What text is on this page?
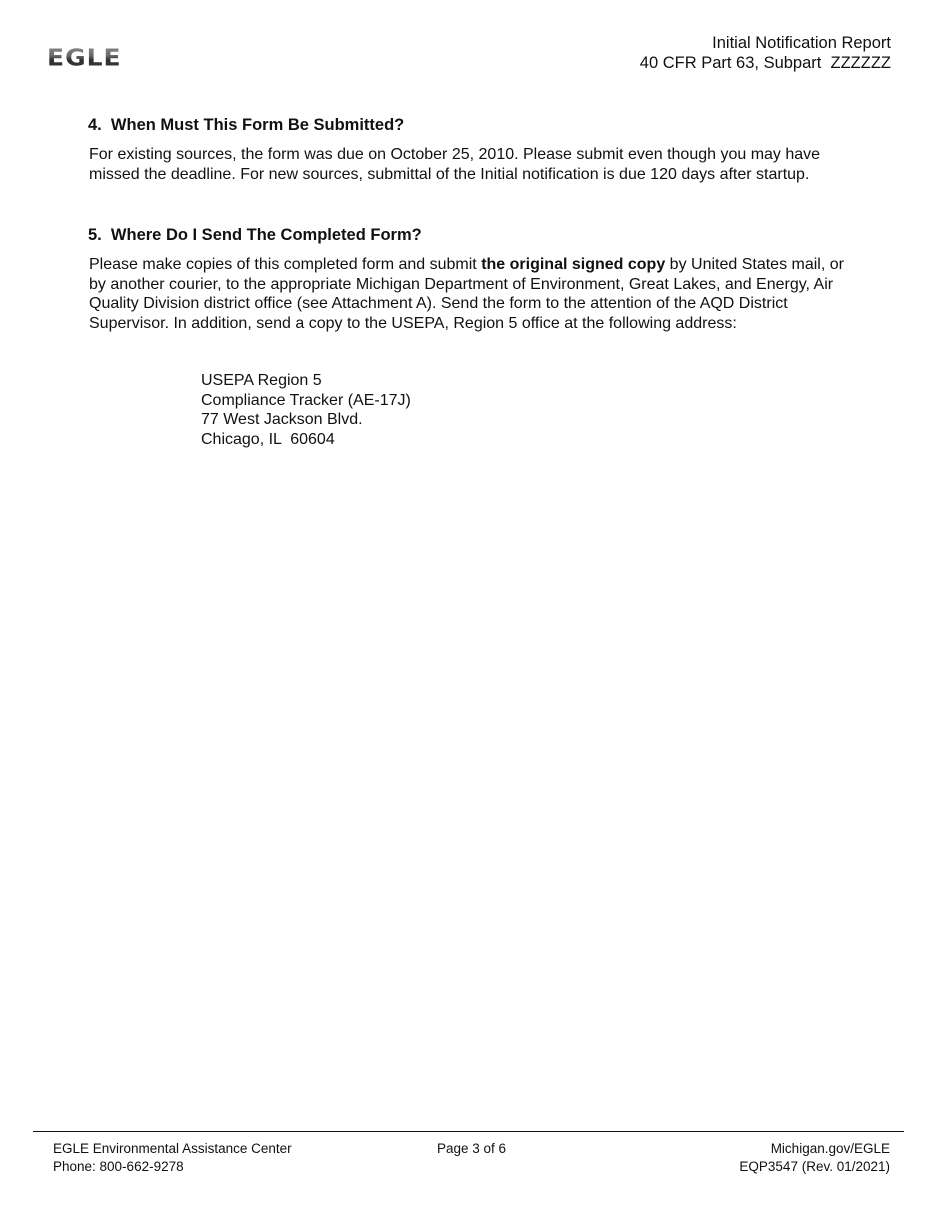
EGLE
Initial Notification Report
40 CFR Part 63, Subpart  ZZZZZZ
4.  When Must This Form Be Submitted?

For existing sources, the form was due on October 25, 2010. Please submit even though you may have missed the deadline. For new sources, submittal of the Initial notification is due 120 days after startup.

5.  Where Do I Send The Completed Form?

Please make copies of this completed form and submit the original signed copy by United States mail, or by another courier, to the appropriate Michigan Department of Environment, Great Lakes, and Energy, Air Quality Division district office (see Attachment A). Send the form to the attention of the AQD District Supervisor. In addition, send a copy to the USEPA, Region 5 office at the following address:

USEPA Region 5
Compliance Tracker (AE-17J)
77 West Jackson Blvd.
Chicago, IL  60604
EGLE Environmental Assistance Center
Phone: 800-662-9278
Page 3 of 6	Michigan.gov/EGLE
EQP3547 (Rev. 01/2021)
